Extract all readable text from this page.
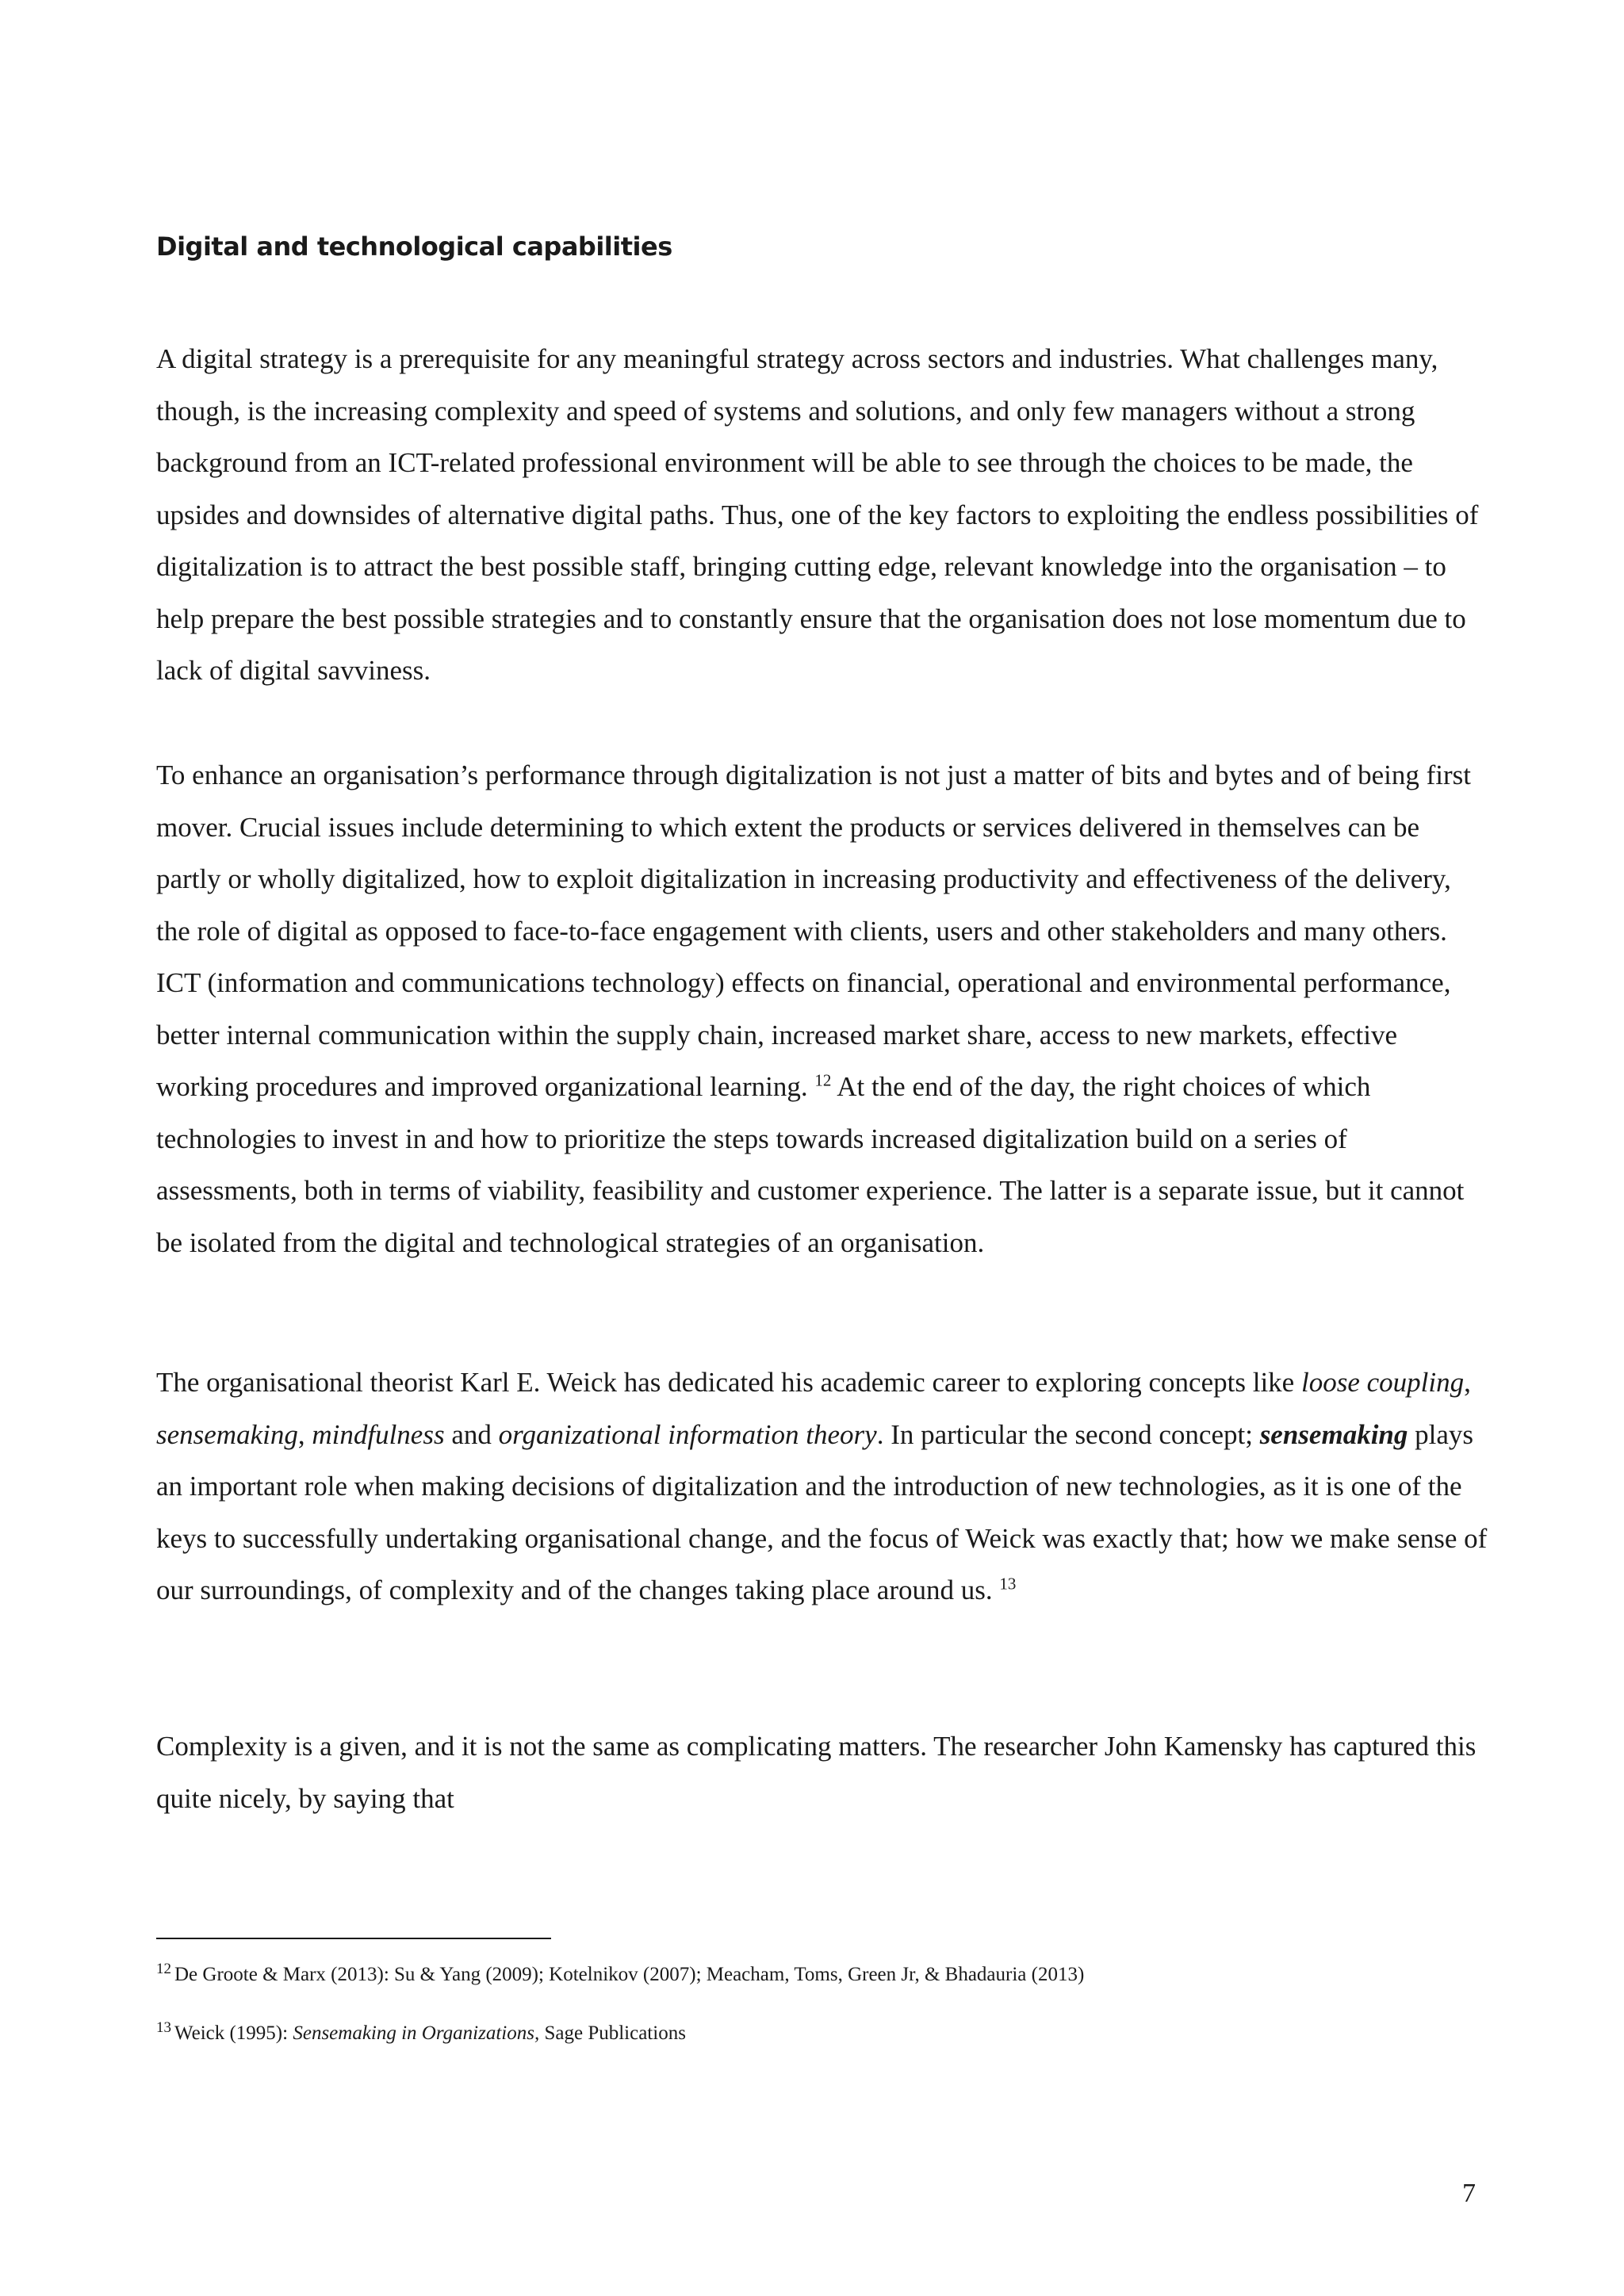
Digital and technological capabilities

A digital strategy is a prerequisite for any meaningful strategy across sectors and industries. What challenges many, though, is the increasing complexity and speed of systems and solutions, and only few managers without a strong background from an ICT-related professional environment will be able to see through the choices to be made, the upsides and downsides of alternative digital paths. Thus, one of the key factors to exploiting the endless possibilities of digitalization is to attract the best possible staff, bringing cutting edge, relevant knowledge into the organisation – to help prepare the best possible strategies and to constantly ensure that the organisation does not lose momentum due to lack of digital savviness.

To enhance an organisation’s performance through digitalization is not just a matter of bits and bytes and of being first mover. Crucial issues include determining to which extent the products or services delivered in themselves can be partly or wholly digitalized, how to exploit digitalization in increasing productivity and effectiveness of the delivery, the role of digital as opposed to face-to-face engagement with clients, users and other stakeholders and many others. ICT (information and communications technology) effects on financial, operational and environmental performance, better internal communication within the supply chain, increased market share, access to new markets, effective working procedures and improved organizational learning. $^{12}$ At the end of the day, the right choices of which technologies to invest in and how to prioritize the steps towards increased digitalization build on a series of assessments, both in terms of viability, feasibility and customer experience. The latter is a separate issue, but it cannot be isolated from the digital and technological strategies of an organisation.

The organisational theorist Karl E. Weick has dedicated his academic career to exploring concepts like loose coupling, sensemaking, mindfulness and organizational information theory. In particular the second concept; sensemaking plays an important role when making decisions of digitalization and the introduction of new technologies, as it is one of the keys to successfully undertaking organisational change, and the focus of Weick was exactly that; how we make sense of our surroundings, of complexity and of the changes taking place around us. $^{13}$

Complexity is a given, and it is not the same as complicating matters. The researcher John Kamensky has captured this quite nicely, by saying that

$^{12}$ De Groote & Marx (2013): Su & Yang (2009); Kotelnikov (2007); Meacham, Toms, Green Jr, & Bhadauria (2013)

$^{13}$ Weick (1995): Sensemaking in Organizations, Sage Publications

7
